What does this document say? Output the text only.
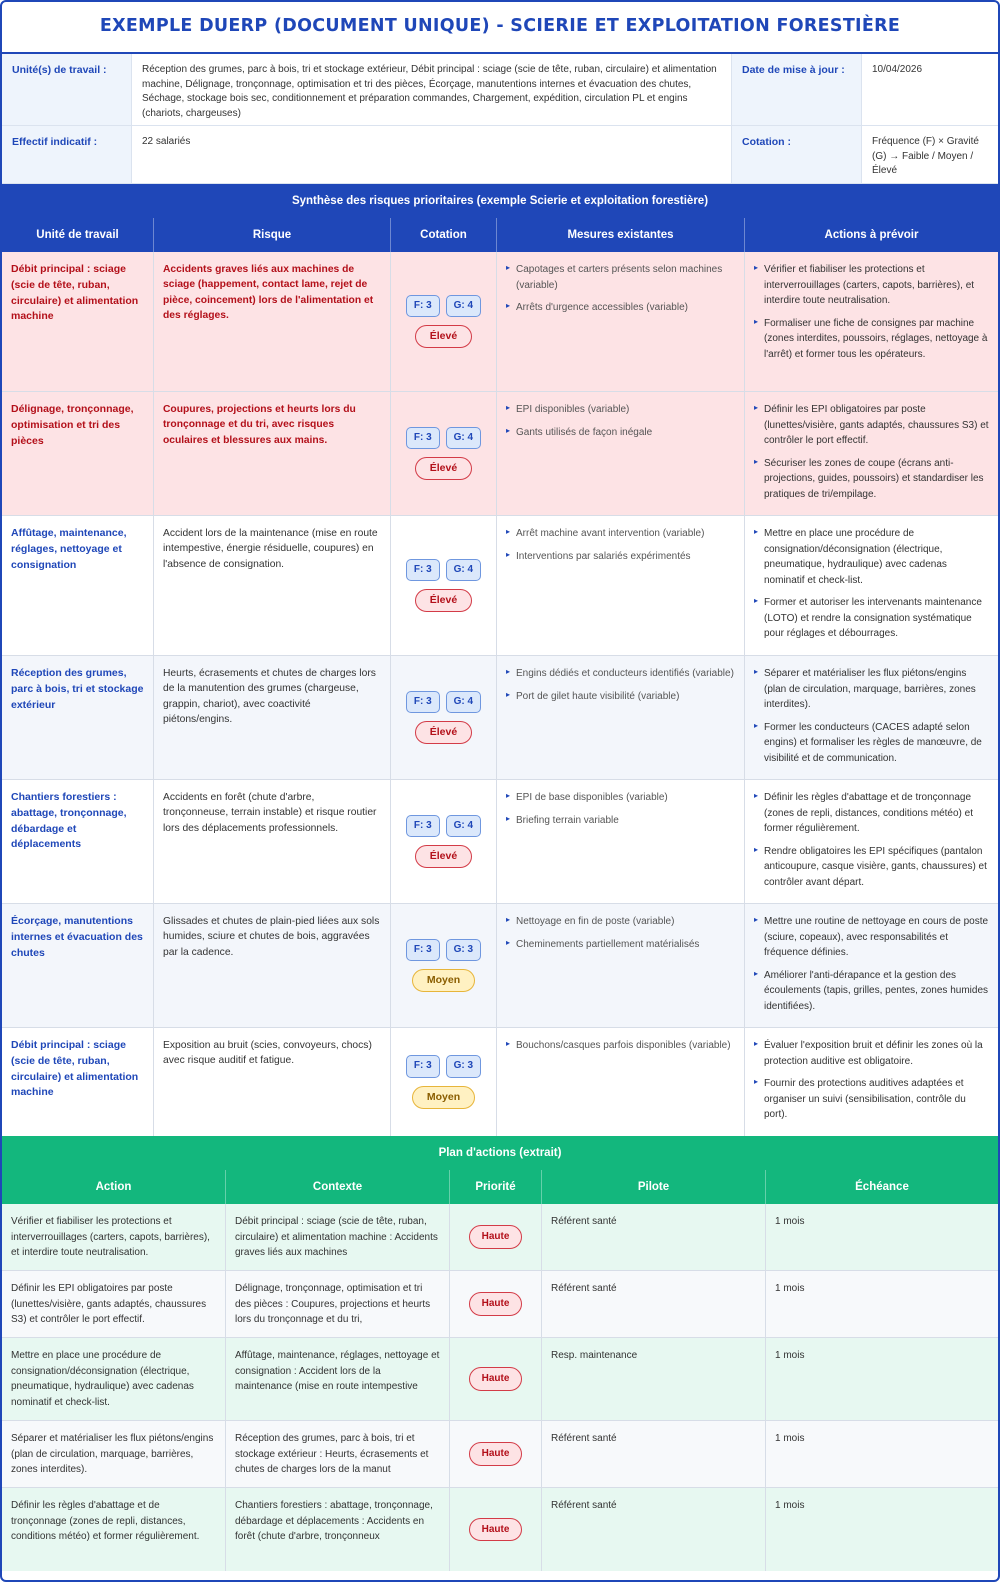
EXEMPLE DUERP (DOCUMENT UNIQUE) - SCIERIE ET EXPLOITATION FORESTIÈRE
Unité(s) de travail :	Réception des grumes, parc à bois, tri et stockage extérieur, Débit principal : sciage (scie de tête, ruban, circulaire) et alimentation machine, Délignage, tronçonnage, optimisation et tri des pièces, Écorçage, manutentions internes et évacuation des chutes, Séchage, stockage bois sec, conditionnement et préparation commandes, Chargement, expédition, circulation PL et engins (chariots, chargeuses)
Date de mise à jour :	10/04/2026
Effectif indicatif :	22 salariés	Cotation :	Fréquence (F) × Gravité (G) → Faible / Moyen / Élevé
Synthèse des risques prioritaires (exemple Scierie et exploitation forestière)
Unité de travail	Risque	Cotation	Mesures existantes	Actions à prévoir
Débit principal : sciage (scie de tête, ruban, circulaire) et alimentation machine
Accidents graves liés aux machines de sciage (happement, contact lame, rejet de pièce, coincement) lors de l'alimentation et des réglages.
F: 3	G: 4
Élevé
▸ Capotages et carters présents selon machines (variable)
▸ Arrêts d'urgence accessibles (variable)
▸ Vérifier et fiabiliser les protections et interverrouillages (carters, capots, barrières), et interdire toute neutralisation.
▸ Formaliser une fiche de consignes par machine (zones interdites, poussoirs, réglages, nettoyage à l'arrêt) et former tous les opérateurs.
Délignage, tronçonnage, optimisation et tri des pièces
Coupures, projections et heurts lors du tronçonnage et du tri, avec risques oculaires et blessures aux mains.	F: 3	G: 4
Élevé
▸ EPI disponibles (variable)
▸ Gants utilisés de façon inégale
▸ Définir les EPI obligatoires par poste (lunettes/visière, gants adaptés, chaussures S3) et contrôler le port effectif.
▸ Sécuriser les zones de coupe (écrans anti-projections, guides, poussoirs) et standardiser les pratiques de tri/empilage.
Affûtage, maintenance, réglages, nettoyage et consignation
Accident lors de la maintenance (mise en route intempestive, énergie résiduelle, coupures) en l'absence de consignation.	F: 3	G: 4
Élevé
▸ Arrêt machine avant intervention (variable)
▸ Interventions par salariés expérimentés
▸ Mettre en place une procédure de consignation/déconsignation (électrique, pneumatique, hydraulique) avec cadenas nominatif et check-list.
▸ Former et autoriser les intervenants maintenance (LOTO) et rendre la consignation systématique pour réglages et débourrages.
Réception des grumes, parc à bois, tri et stockage extérieur
Heurts, écrasements et chutes de charges lors de la manutention des grumes (chargeuse, grappin, chariot), avec coactivité piétons/engins.
F: 3	G: 4
Élevé
▸ Engins dédiés et conducteurs identifiés (variable)
▸ Port de gilet haute visibilité (variable)
▸ Séparer et matérialiser les flux piétons/engins (plan de circulation, marquage, barrières, zones interdites).
▸ Former les conducteurs (CACES adapté selon engins) et formaliser les règles de manœuvre, de visibilité et de communication.
Chantiers forestiers : abattage, tronçonnage, débardage et déplacements
Accidents en forêt (chute d'arbre, tronçonneuse, terrain instable) et risque routier lors des déplacements professionnels.	F: 3	G: 4
Élevé
▸ EPI de base disponibles (variable)
▸ Briefing terrain variable
▸ Définir les règles d'abattage et de tronçonnage (zones de repli, distances, conditions météo) et former régulièrement.
▸ Rendre obligatoires les EPI spécifiques (pantalon anticoupure, casque visière, gants, chaussures) et contrôler avant départ.
Écorçage, manutentions internes et évacuation des chutes
Glissades et chutes de plain-pied liées aux sols humides, sciure et chutes de bois, aggravées par la cadence.	F: 3	G: 3
Moyen
▸ Nettoyage en fin de poste (variable)
▸ Cheminements partiellement matérialisés
▸ Mettre une routine de nettoyage en cours de poste (sciure, copeaux), avec responsabilités et fréquence définies.
▸ Améliorer l'anti-dérapance et la gestion des écoulements (tapis, grilles, pentes, zones humides identifiées).
Débit principal : sciage (scie de tête, ruban, circulaire) et alimentation machine
Exposition au bruit (scies, convoyeurs, chocs) avec risque auditif et fatigue.	F: 3	G: 3
Moyen
▸ Bouchons/casques parfois disponibles (variable)
▸	Évaluer l'exposition bruit et définir les zones où la protection auditive est obligatoire.
▸ Fournir des protections auditives adaptées et organiser un suivi (sensibilisation, contrôle du port).
Plan d'actions (extrait)
Action	Contexte	Priorité	Pilote	Échéance
Vérifier et fiabiliser les protections et interverrouillages (carters, capots, barrières), et interdire toute neutralisation.
Débit principal : sciage (scie de tête, ruban, circulaire) et alimentation machine : Accidents graves liés aux machines
Haute
Référent santé	1 mois
Définir les EPI obligatoires par poste (lunettes/visière, gants adaptés, chaussures S3) et contrôler le port effectif.
Délignage, tronçonnage, optimisation et tri des pièces : Coupures, projections et heurts lors du tronçonnage et du tri,
Haute
Référent santé	1 mois
Mettre en place une procédure de consignation/déconsignation (électrique, pneumatique, hydraulique) avec cadenas nominatif et check-list.
Affûtage, maintenance, réglages, nettoyage et consignation : Accident lors de la maintenance (mise en route intempestive
Haute
Resp. maintenance	1 mois
Séparer et matérialiser les flux piétons/engins (plan de circulation, marquage, barrières, zones interdites).
Réception des grumes, parc à bois, tri et stockage extérieur : Heurts, écrasements et chutes de charges lors de la manut
Haute
Référent santé	1 mois
Définir les règles d'abattage et de tronçonnage (zones de repli, distances, conditions météo) et former régulièrement.
Chantiers forestiers : abattage, tronçonnage, débardage et déplacements : Accidents en forêt (chute d'arbre, tronçonneux
Haute
Référent santé	1 mois
